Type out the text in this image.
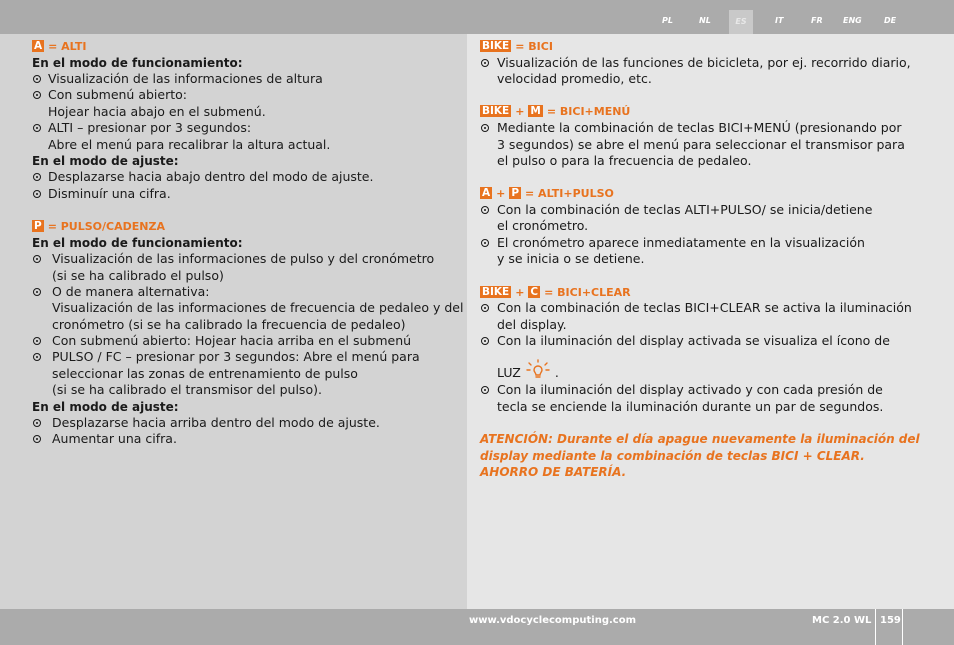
PL	NL	ES	IT	FR	ENG	DE
A = ALTI
En el modo de funcionamiento:
Visualización de las informaciones de altura
Con submenú abierto:
Hojear hacia abajo en el submenú.
ALTI – presionar por 3 segundos:
Abre el menú para recalibrar la altura actual.
En el modo de ajuste:
Desplazarse hacia abajo dentro del modo de ajuste.
Disminuír una cifra.
P = PULSO/CADENZA
En el modo de funcionamiento:
Visualización de las informaciones de pulso y del cronómetro
(si se ha calibrado el pulso)
O de manera alternativa:
Visualización de las informaciones de frecuencia de pedaleo y del
cronómetro (si se ha calibrado la frecuencia de pedaleo)
Con submenú abierto: Hojear hacia arriba en el submenú
PULSO / FC – presionar por 3 segundos: Abre el menú para
seleccionar las zonas de entrenamiento de pulso
(si se ha calibrado el transmisor del pulso).
En el modo de ajuste:
Desplazarse hacia arriba dentro del modo de ajuste.
Aumentar una cifra.
BIKE = BICI
Visualización de las funciones de bicicleta, por ej. recorrido diario,
velocidad promedio, etc.
BIKE + M = BICI+MENÚ
Mediante la combinación de teclas BICI+MENÚ (presionando por
3 segundos) se abre el menú para seleccionar el transmisor para
el pulso o para la frecuencia de pedaleo.
A + P = ALTI+PULSO
Con la combinación de teclas ALTI+PULSO/ se inicia/detiene
el cronómetro.
El cronómetro aparece inmediatamente en la visualización
y se inicia o se detiene.
BIKE + C = BICI+CLEAR
Con la combinación de teclas BICI+CLEAR se activa la iluminación
del display.
Con la iluminación del display activada se visualiza el ícono de
LUZ	.
Con la iluminación del display activado y con cada presión de
tecla se enciende la iluminación durante un par de segundos.
ATENCIÓN: Durante el día apague nuevamente la iluminación del
display mediante la combinación de teclas BICI + CLEAR.
AHORRO DE BATERÍA.
www.vdocyclecomputing.com	MC 2.0 WL 159
